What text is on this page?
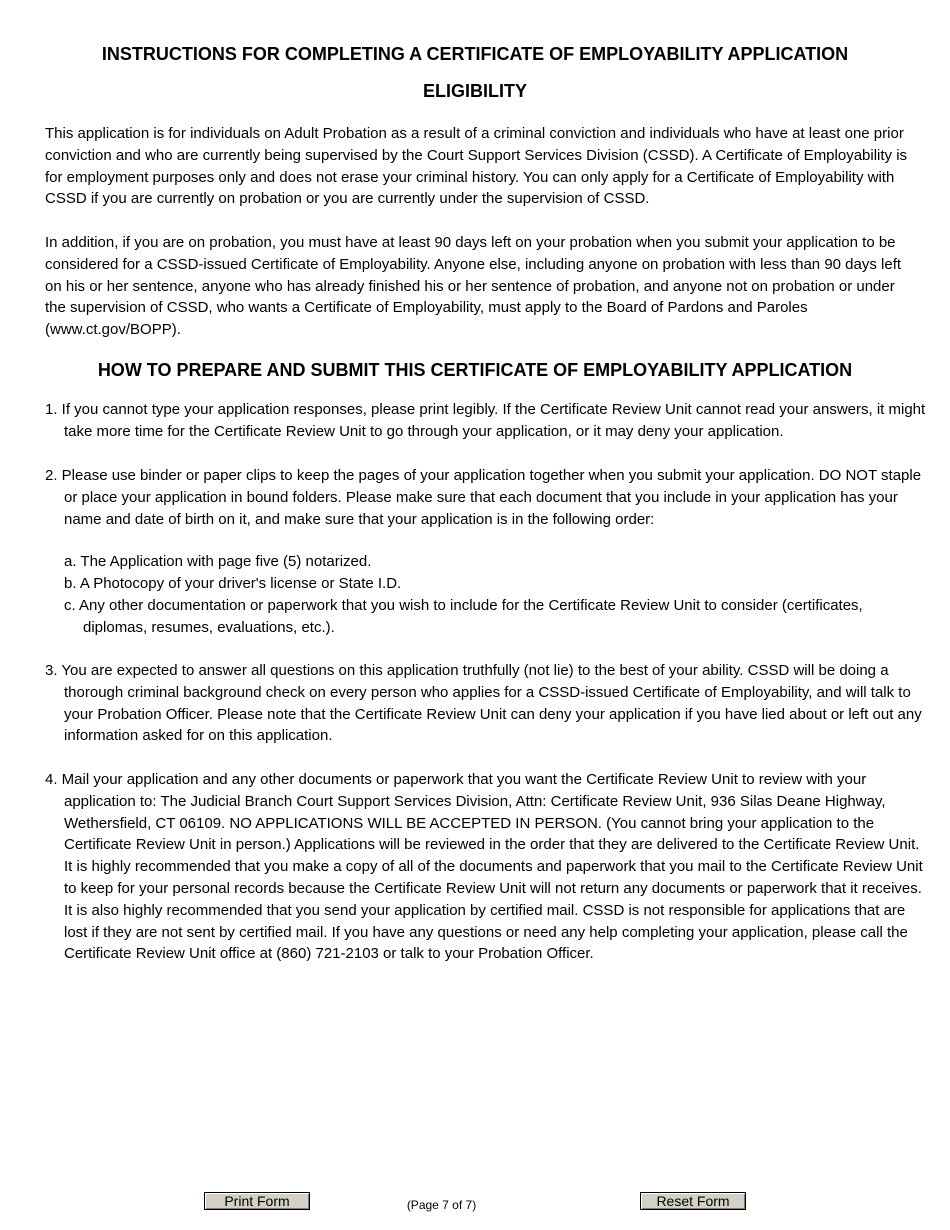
INSTRUCTIONS FOR COMPLETING A CERTIFICATE OF EMPLOYABILITY APPLICATION
ELIGIBILITY

This application is for individuals on Adult Probation as a result of a criminal conviction and individuals who have at least one prior conviction and who are currently being supervised by the Court Support Services Division (CSSD). A Certificate of Employability is for employment purposes only and does not erase your criminal history. You can only apply for a Certificate of Employability with CSSD if you are currently on probation or you are currently under the supervision of CSSD.

In addition, if you are on probation, you must have at least 90 days left on your probation when you submit your application to be considered for a CSSD-issued Certificate of Employability. Anyone else, including anyone on probation with less than 90 days left on his or her sentence, anyone who has already finished his or her sentence of probation, and anyone not on probation or under the supervision of CSSD, who wants a Certificate of Employability, must apply to the Board of Pardons and Paroles (www.ct.gov/BOPP).

HOW TO PREPARE AND SUBMIT THIS CERTIFICATE OF EMPLOYABILITY APPLICATION

1. If you cannot type your application responses, please print legibly. If the Certificate Review Unit cannot read your answers, it might take more time for the Certificate Review Unit to go through your application, or it may deny your application.

2. Please use binder or paper clips to keep the pages of your application together when you submit your application. DO NOT staple or place your application in bound folders. Please make sure that each document that you include in your application has your name and date of birth on it, and make sure that your application is in the following order:

a. The Application with page five (5) notarized.

b. A Photocopy of your driver's license or State I.D.

c. Any other documentation or paperwork that you wish to include for the Certificate Review Unit to consider (certificates, diplomas, resumes, evaluations, etc.).

3. You are expected to answer all questions on this application truthfully (not lie) to the best of your ability. CSSD will be doing a thorough criminal background check on every person who applies for a CSSD-issued Certificate of Employability, and will talk to your Probation Officer. Please note that the Certificate Review Unit can deny your application if you have lied about or left out any information asked for on this application.

4. Mail your application and any other documents or paperwork that you want the Certificate Review Unit to review with your application to: The Judicial Branch Court Support Services Division, Attn: Certificate Review Unit, 936 Silas Deane Highway, Wethersfield, CT 06109. NO APPLICATIONS WILL BE ACCEPTED IN PERSON. (You cannot bring your application to the Certificate Review Unit in person.) Applications will be reviewed in the order that they are delivered to the Certificate Review Unit. It is highly recommended that you make a copy of all of the documents and paperwork that you mail to the Certificate Review Unit to keep for your personal records because the Certificate Review Unit will not return any documents or paperwork that it receives. It is also highly recommended that you send your application by certified mail. CSSD is not responsible for applications that are lost if they are not sent by certified mail. If you have any questions or need any help completing your application, please call the Certificate Review Unit office at (860) 721-2103 or talk to your Probation Officer.

Print Form	(Page 7 of 7)	Reset Form
